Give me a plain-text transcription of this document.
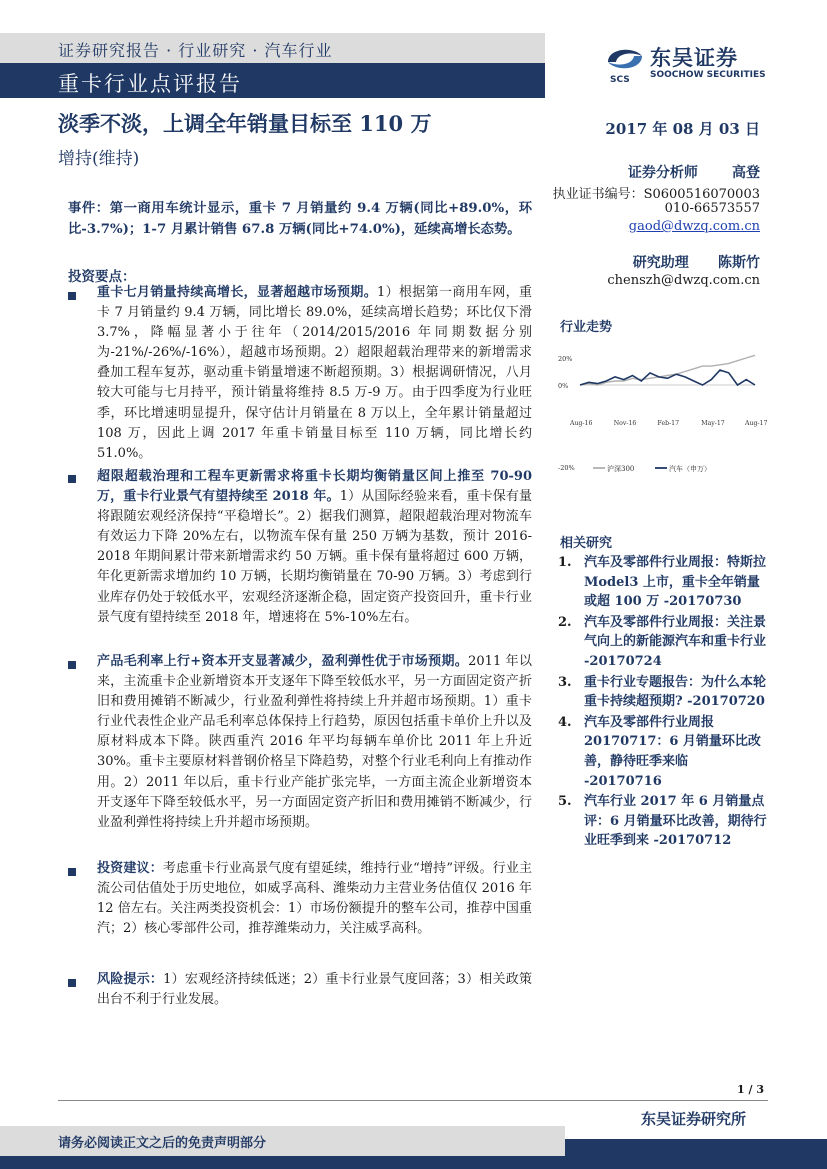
证券研究报告 · 行业研究 · 汽车行业
重卡行业点评报告	SCS
东吴证券
SOOCHOW SECURITIES
淡季不淡，上调全年销量目标至 110 万
增持(维持)
2017 年 08 月 03 日
证券分析师 高登
执业证书编号：S0600516070003
010-66573557
gaod@dwzq.com.cn
研究助理 陈斯竹
chenszh@dwzq.com.cn
事件：第一商用车统计显示，重卡 7 月销量约 9.4 万辆(同比+89.0%，环比-3.7%)；1-7 月累计销售 67.8 万辆(同比+74.0%)，延续高增长态势。
投资要点：
重卡七月销量持续高增长，显著超越市场预期。1）根据第一商用车网，重卡 7 月销量约 9.4 万辆，同比增长 89.0%，延续高增长趋势；环比仅下滑 3.7%，降幅显著小于往年（2014/2015/2016 年同期数据分别为-21%/-26%/-16%），超越市场预期。2）超限超载治理带来的新增需求叠加工程车复苏，驱动重卡销量增速不断超预期。3）根据调研情况，八月较大可能与七月持平，预计销量将维持 8.5 万-9 万。由于四季度为行业旺季，环比增速明显提升，保守估计月销量在 8 万以上，全年累计销量超过 108 万，因此上调 2017 年重卡销量目标至 110 万辆，同比增长约 51.0%。
超限超载治理和工程车更新需求将重卡长期均衡销量区间上推至 70-90 万，重卡行业景气有望持续至 2018 年。1）从国际经验来看，重卡保有量将跟随宏观经济保持“平稳增长”。2）据我们测算，超限超载治理对物流车有效运力下降 20%左右，以物流车保有量 250 万辆为基数，预计 2016-2018 年期间累计带来新增需求约 50 万辆。重卡保有量将超过 600 万辆，年化更新需求增加约 10 万辆，长期均衡销量在 70-90 万辆。3）考虑到行业库存仍处于较低水平，宏观经济逐渐企稳，固定资产投资回升，重卡行业景气度有望持续至 2018 年，增速将在 5%-10%左右。
产品毛利率上行+资本开支显著减少，盈利弹性优于市场预期。2011 年以来，主流重卡企业新增资本开支逐年下降至较低水平，另一方面固定资产折旧和费用摊销不断减少，行业盈利弹性将持续上升并超市场预期。1）重卡行业代表性企业产品毛利率总体保持上行趋势，原因包括重卡单价上升以及原材料成本下降。陕西重汽 2016 年平均每辆车单价比 2011 年上升近 30%。重卡主要原材料普钢价格呈下降趋势，对整个行业毛利向上有推动作用。2）2011 年以后，重卡行业产能扩张完毕，一方面主流企业新增资本开支逐年下降至较低水平，另一方面固定资产折旧和费用摊销不断减少，行业盈利弹性将持续上升并超市场预期。
投资建议：考虑重卡行业高景气度有望延续，维持行业“增持”评级。行业主流公司估值处于历史地位，如威孚高科、潍柴动力主营业务估值仅 2016 年 12 倍左右。关注两类投资机会：1）市场份额提升的整车公司，推荐中国重汽；2）核心零部件公司，推荐潍柴动力，关注威孚高科。
风险提示：1）宏观经济持续低迷；2）重卡行业景气度回落；3）相关政策出台不利于行业发展。
行业走势
20%
0%
-20%
Aug-16	Nov-16	Feb-17	May-17	Aug-17
沪深300	汽车（申万）
相关研究
1. 汽车及零部件行业周报：特斯拉 Model3 上市，重卡全年销量或超 100 万 -20170730
2. 汽车及零部件行业周报：关注景气向上的新能源汽车和重卡行业 -20170724
3. 重卡行业专题报告：为什么本轮重卡持续超预期? -20170720
4. 汽车及零部件行业周报 20170717：6 月销量环比改善，静待旺季来临 -20170716
5. 汽车行业 2017 年 6 月销量点评：6 月销量环比改善，期待行业旺季到来 -20170712
1 / 3
东吴证券研究所
请务必阅读正文之后的免责声明部分
